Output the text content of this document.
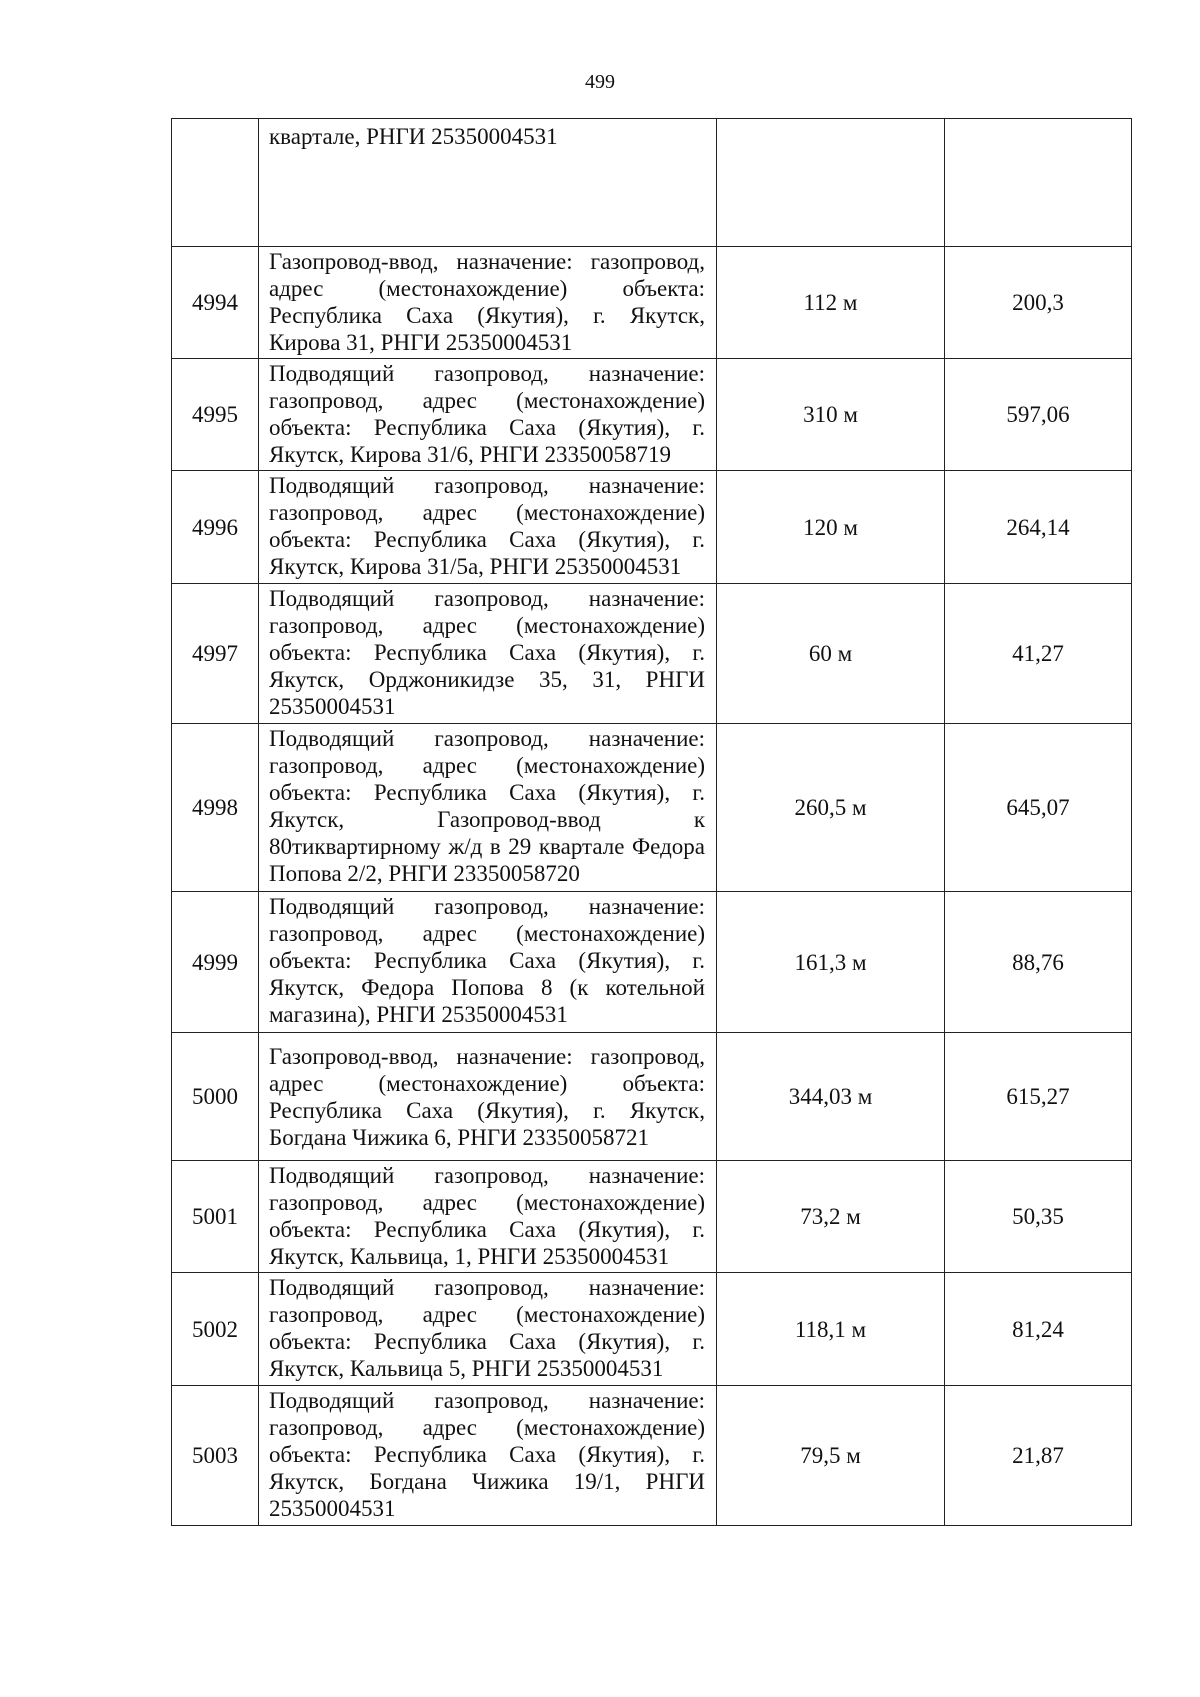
499
	квартале, РНГИ 25350004531		
4994	Газопровод-ввод, назначение: газопровод, адрес (местонахождение) объекта: Республика Саха (Якутия), г. Якутск, Кирова 31, РНГИ 25350004531	112 м	200,3
4995	Подводящий газопровод, назначение: газопровод, адрес (местонахождение) объекта: Республика Саха (Якутия), г. Якутск, Кирова 31/6, РНГИ 23350058719	310 м	597,06
4996	Подводящий газопровод, назначение: газопровод, адрес (местонахождение) объекта: Республика Саха (Якутия), г. Якутск, Кирова 31/5а, РНГИ 25350004531	120 м	264,14
4997	Подводящий газопровод, назначение: газопровод, адрес (местонахождение) объекта: Республика Саха (Якутия), г. Якутск, Орджоникидзе 35, 31, РНГИ 25350004531	60 м	41,27
4998	Подводящий газопровод, назначение: газопровод, адрес (местонахождение) объекта: Республика Саха (Якутия), г. Якутск, Газопровод-ввод к 80тиквартирному ж/д в 29 квартале Федора Попова 2/2, РНГИ 23350058720	260,5 м	645,07
4999	Подводящий газопровод, назначение: газопровод, адрес (местонахождение) объекта: Республика Саха (Якутия), г. Якутск, Федора Попова 8 (к котельной магазина), РНГИ 25350004531	161,3 м	88,76
5000	Газопровод-ввод, назначение: газопровод, адрес (местонахождение) объекта: Республика Саха (Якутия), г. Якутск, Богдана Чижика 6, РНГИ 23350058721	344,03 м	615,27
5001	Подводящий газопровод, назначение: газопровод, адрес (местонахождение) объекта: Республика Саха (Якутия), г. Якутск, Кальвица, 1, РНГИ 25350004531	73,2 м	50,35
5002	Подводящий газопровод, назначение: газопровод, адрес (местонахождение) объекта: Республика Саха (Якутия), г. Якутск, Кальвица 5, РНГИ 25350004531	118,1 м	81,24
5003	Подводящий газопровод, назначение: газопровод, адрес (местонахождение) объекта: Республика Саха (Якутия), г. Якутск, Богдана Чижика 19/1, РНГИ 25350004531	79,5 м	21,87
